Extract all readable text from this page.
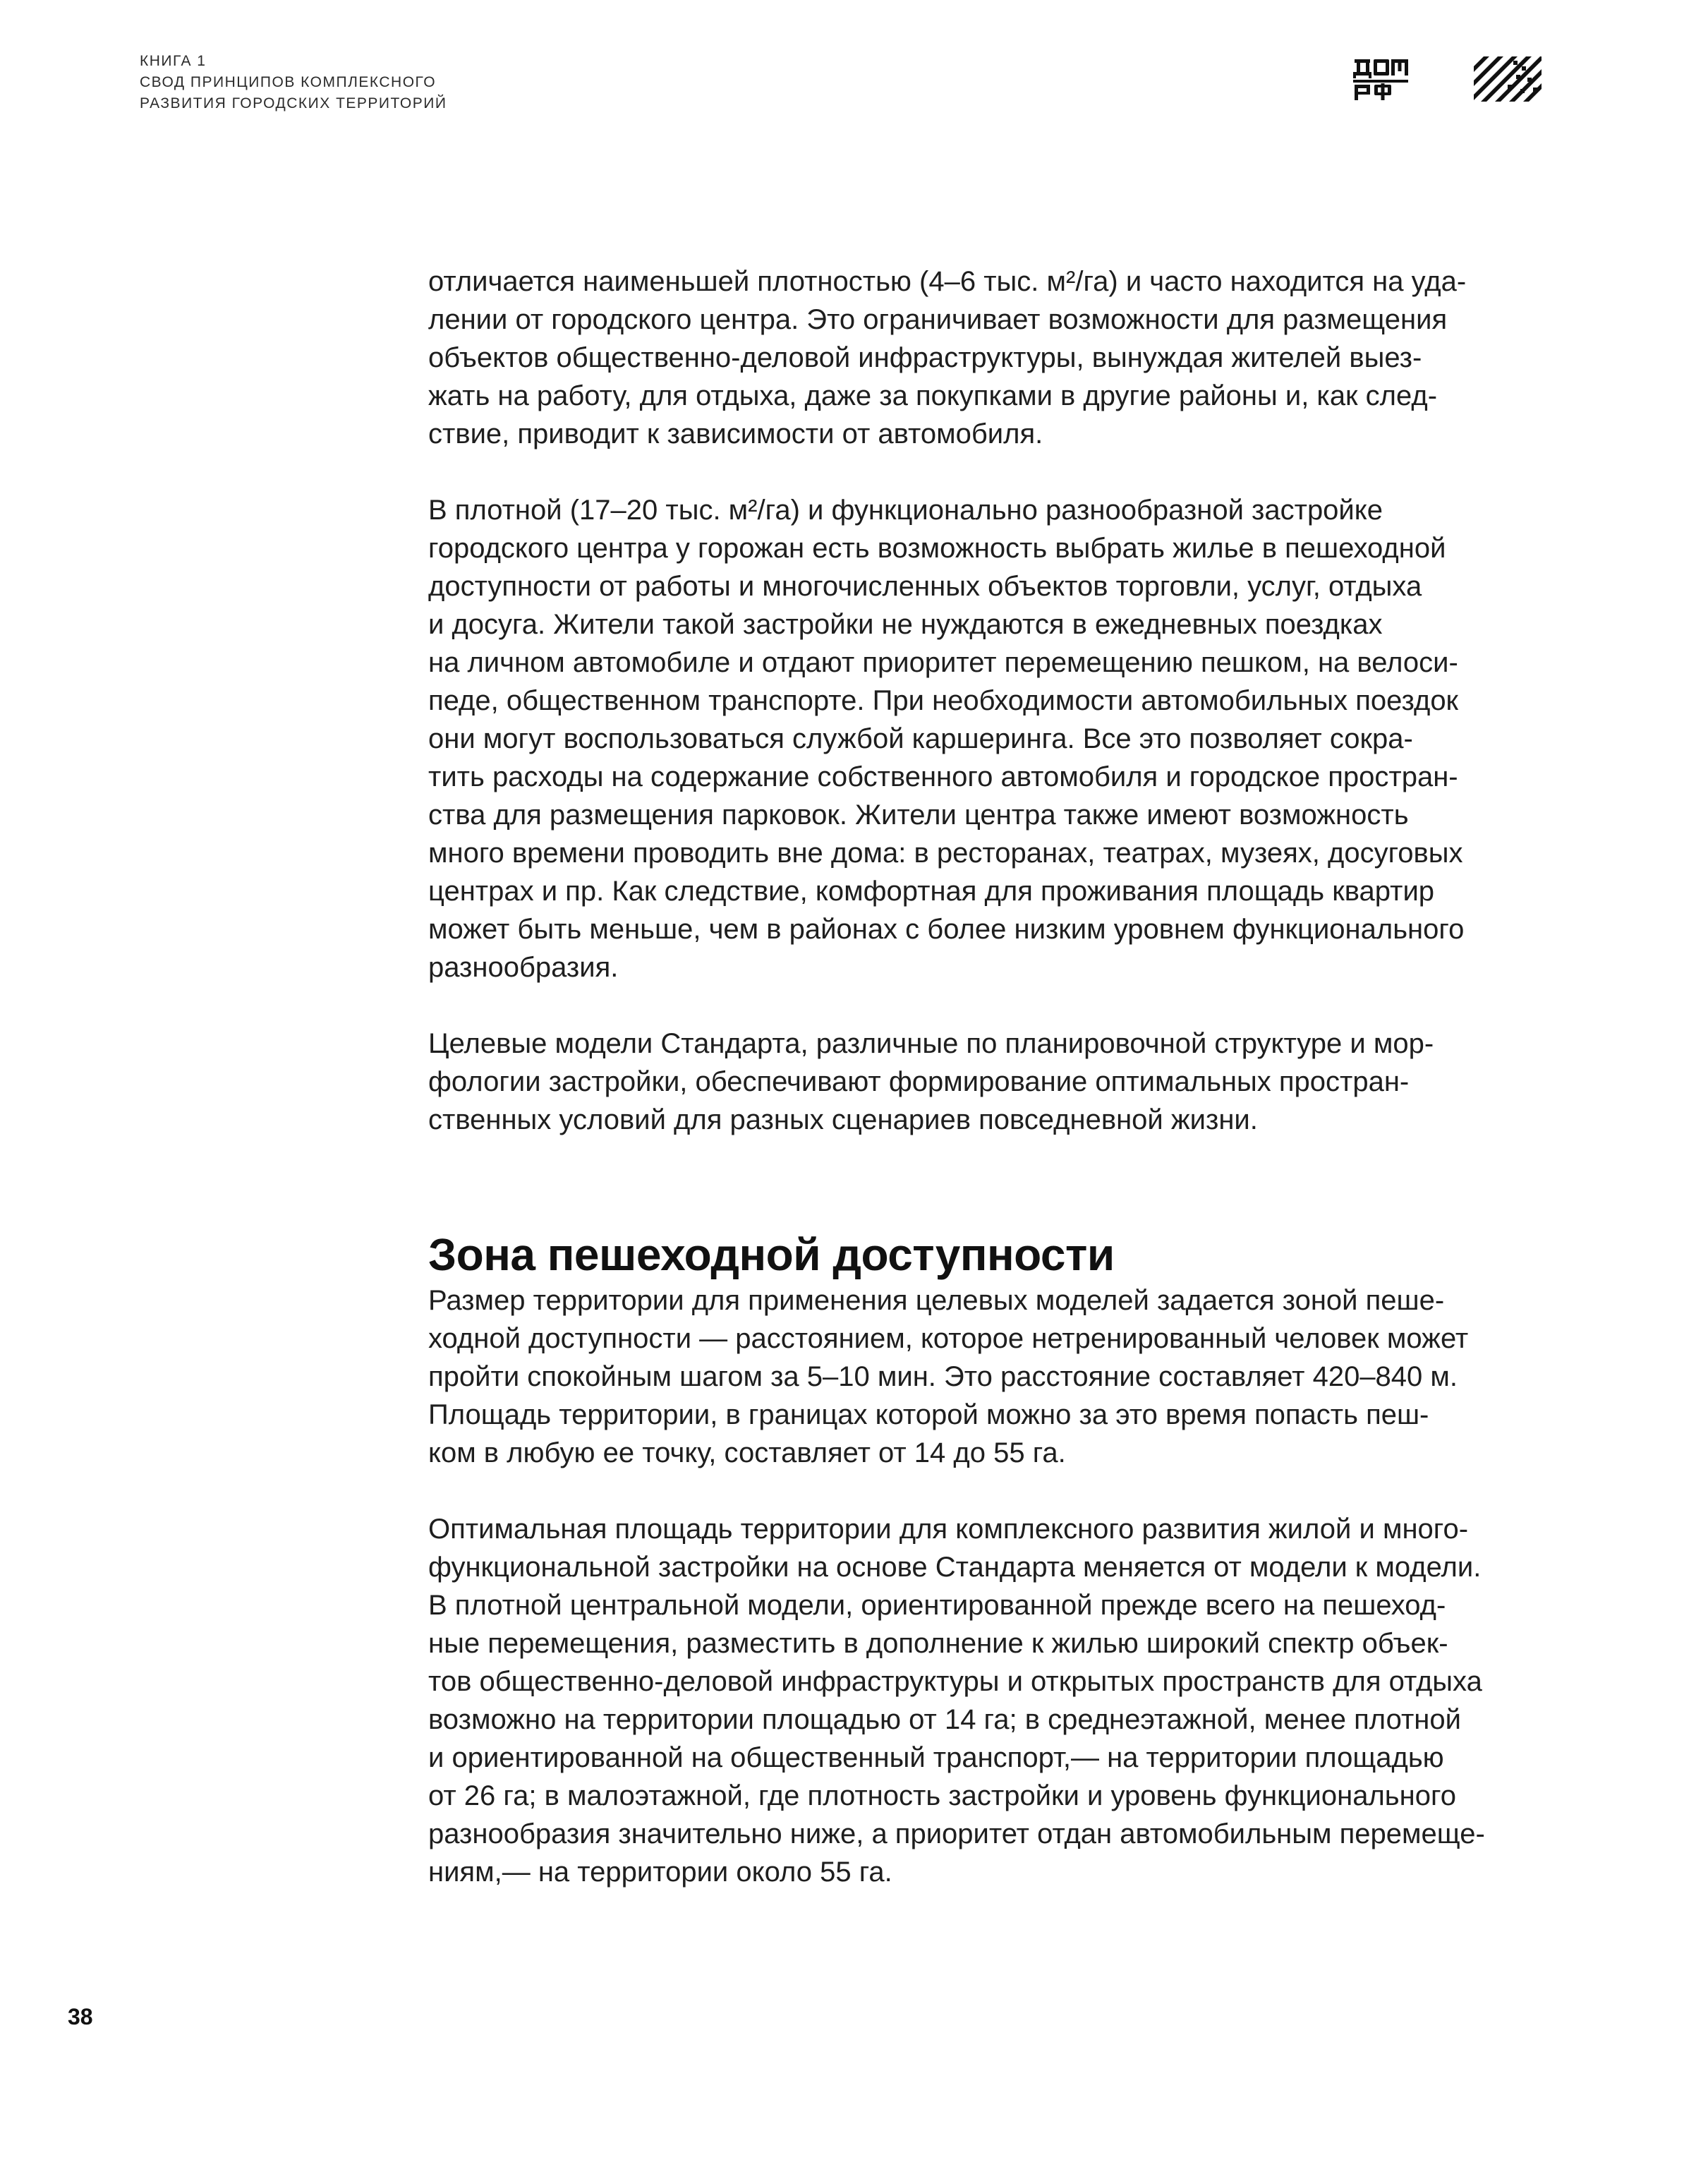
КНИГА 1
СВОД ПРИНЦИПОВ КОМПЛЕКСНОГО
РАЗВИТИЯ ГОРОДСКИХ ТЕРРИТОРИЙ

отличается наименьшей плотностью (4–6 тыс. м²/га) и часто находится на уда-
лении от городского центра. Это ограничивает возможности для размещения
объектов общественно-деловой инфраструктуры, вынуждая жителей выез-
жать на работу, для отдыха, даже за покупками в другие районы и, как след-
ствие, приводит к зависимости от автомобиля.

В плотной (17–20 тыс. м²/га) и функционально разнообразной застройке
городского центра у горожан есть возможность выбрать жилье в пешеходной
доступности от работы и многочисленных объектов торговли, услуг, отдыха
и досуга. Жители такой застройки не нуждаются в ежедневных поездках
на личном автомобиле и отдают приоритет перемещению пешком, на велоси-
педе, общественном транспорте. При необходимости автомобильных поездок
они могут воспользоваться службой каршеринга. Все это позволяет сокра-
тить расходы на содержание собственного автомобиля и городское простран-
ства для размещения парковок. Жители центра также имеют возможность
много времени проводить вне дома: в ресторанах, театрах, музеях, досуговых
центрах и пр. Как следствие, комфортная для проживания площадь квартир
может быть меньше, чем в районах с более низким уровнем функционального
разнообразия.

Целевые модели Стандарта, различные по планировочной структуре и мор-
фологии застройки, обеспечивают формирование оптимальных простран-
ственных условий для разных сценариев повседневной жизни.

Зона пешеходной доступности

Размер территории для применения целевых моделей задается зоной пеше-
ходной доступности — расстоянием, которое нетренированный человек может
пройти спокойным шагом за 5–10 мин. Это расстояние составляет 420–840 м.
Площадь территории, в границах которой можно за это время попасть пеш-
ком в любую ее точку, составляет от 14 до 55 га.

Оптимальная площадь территории для комплексного развития жилой и много-
функциональной застройки на основе Стандарта меняется от модели к модели.
В плотной центральной модели, ориентированной прежде всего на пешеход-
ные перемещения, разместить в дополнение к жилью широкий спектр объек-
тов общественно-деловой инфраструктуры и открытых пространств для отдыха
возможно на территории площадью от 14 га; в среднеэтажной, менее плотной
и ориентированной на общественный транспорт,— на территории площадью
от 26 га; в малоэтажной, где плотность застройки и уровень функционального
разнообразия значительно ниже, а приоритет отдан автомобильным перемеще-
ниям,— на территории около 55 га.

38
